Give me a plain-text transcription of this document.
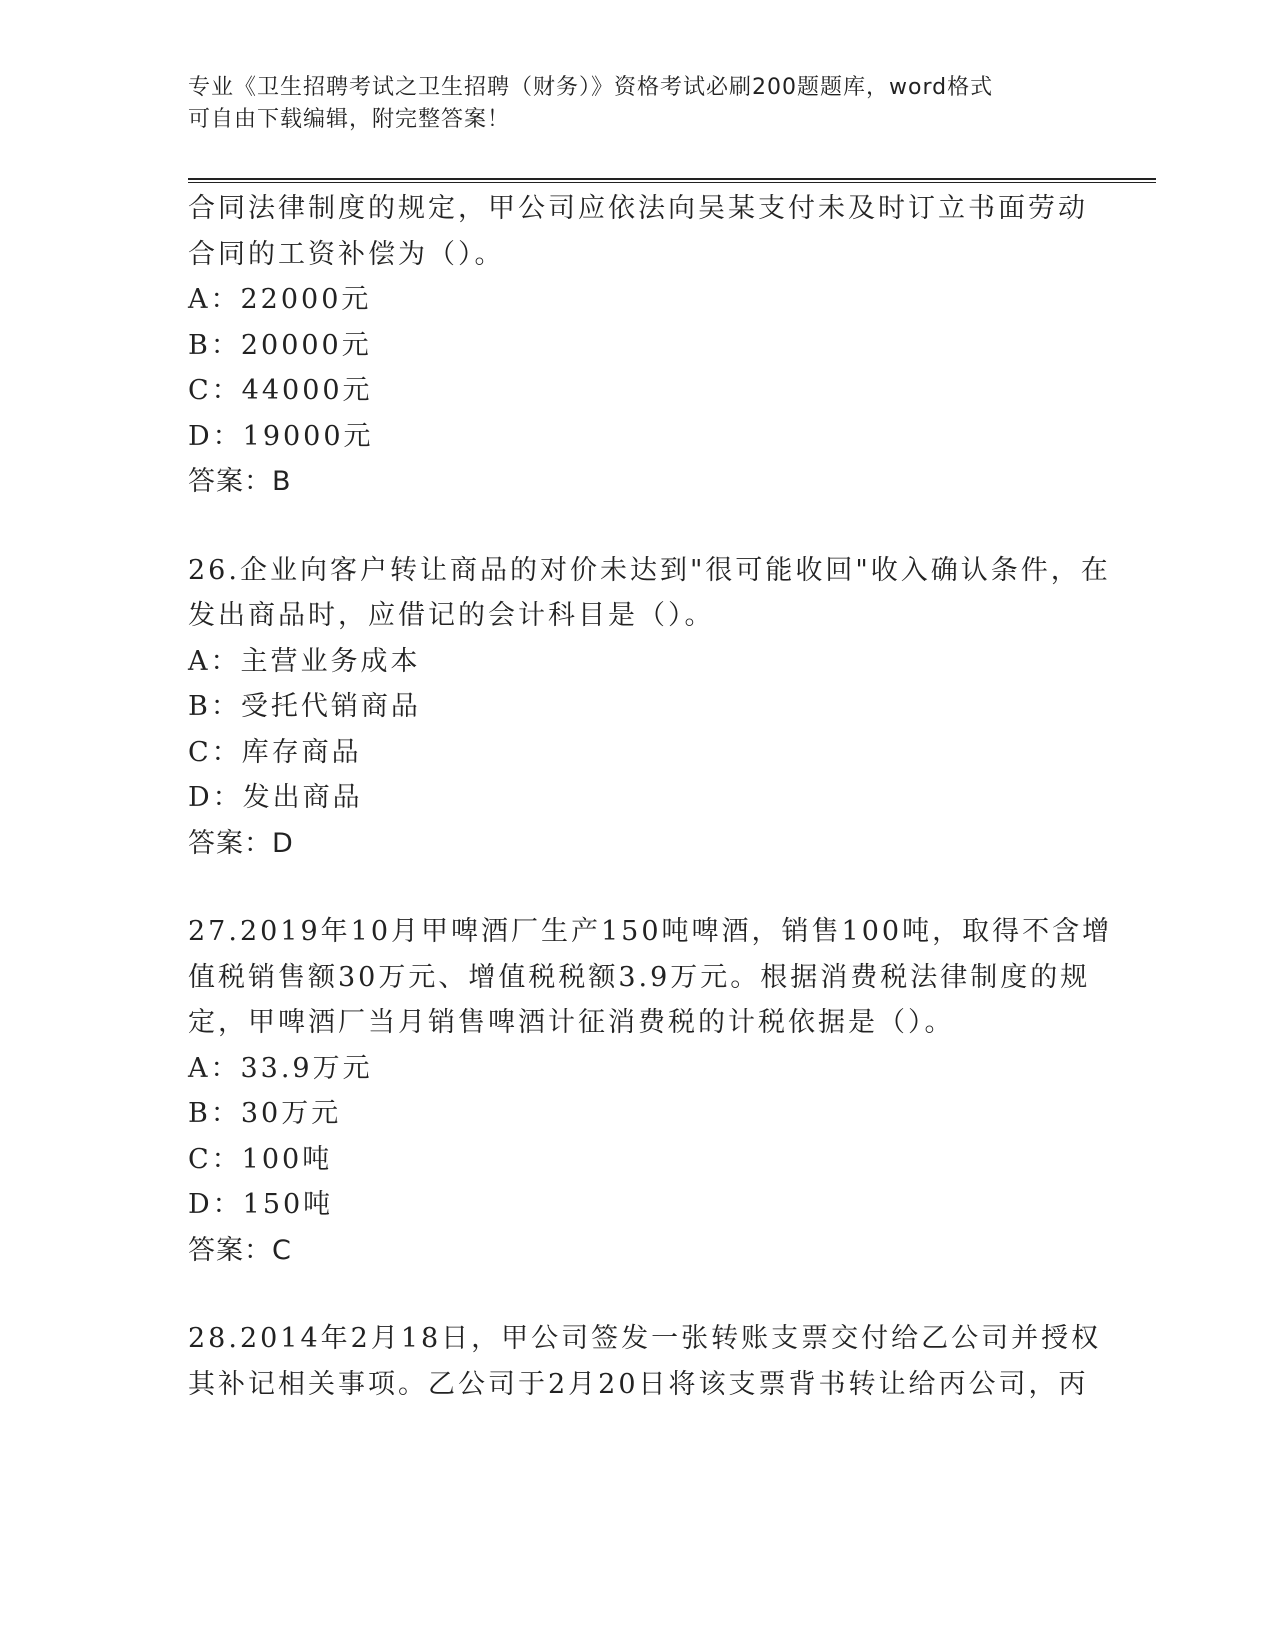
专业《卫生招聘考试之卫生招聘（财务）》资格考试必刷200题题库，word格式
可自由下载编辑，附完整答案！
合同法律制度的规定，甲公司应依法向吴某支付未及时订立书面劳动
合同的工资补偿为（）。
A：22000元
B：20000元
C：44000元
D：19000元
答案：B
26.企业向客户转让商品的对价未达到"很可能收回"收入确认条件，在
发出商品时，应借记的会计科目是（）。
A：主营业务成本
B：受托代销商品
C：库存商品
D：发出商品
答案：D
27.2019年10月甲啤酒厂生产150吨啤酒，销售100吨，取得不含增
值税销售额30万元、增值税税额3.9万元。根据消费税法律制度的规
定，甲啤酒厂当月销售啤酒计征消费税的计税依据是（）。
A：33.9万元
B：30万元
C：100吨
D：150吨
答案：C
28.2014年2月18日，甲公司签发一张转账支票交付给乙公司并授权
其补记相关事项。乙公司于2月20日将该支票背书转让给丙公司，丙
